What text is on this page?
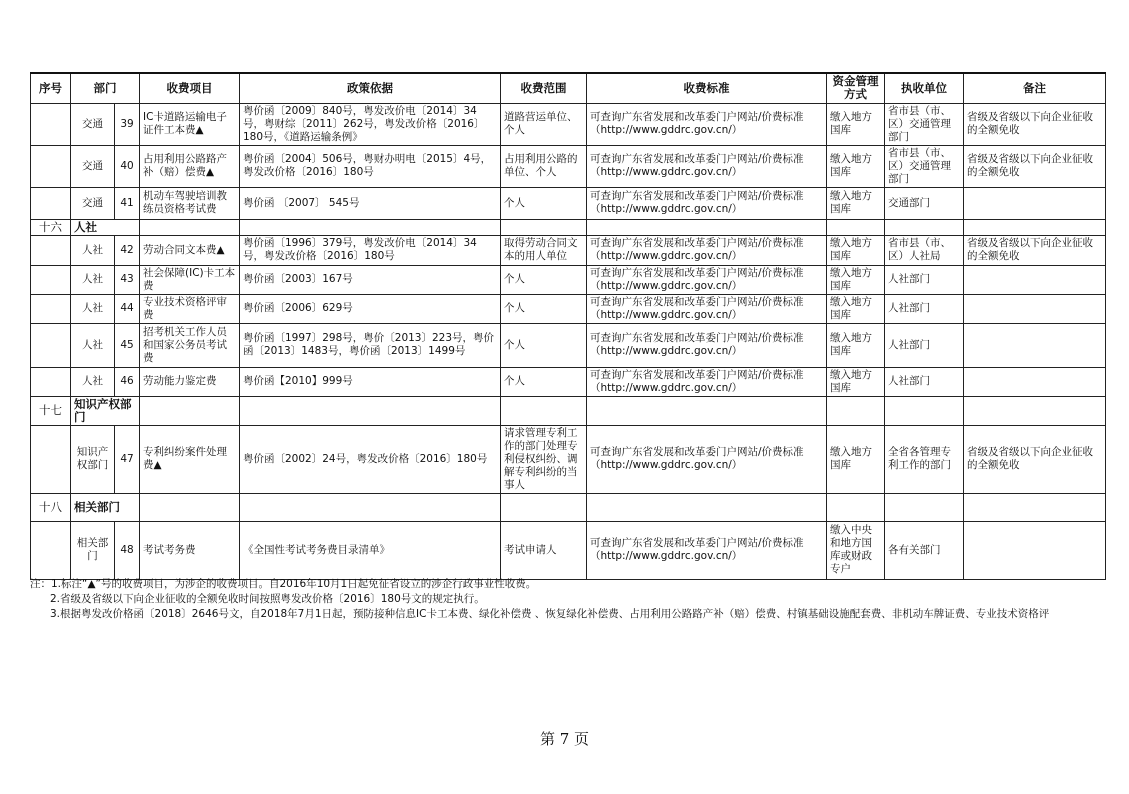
序号	部门		收费项目	政策依据	收费范围	收费标准	资金管理方式	执收单位	备注
	交通	39	IC卡道路运输电子证件工本费▲	粤价函〔2009〕840号，粤发改价电〔2014〕34号，粤财综〔2011〕262号，粤发改价格〔2016〕180号，《道路运输条例》	道路营运单位、个人	可查询广东省发展和改革委门户网站/价费标准（http://www.gddrc.gov.cn/）	缴入地方国库	省市县（市、区）交通管理部门	省级及省级以下向企业征收的全额免收
	交通	40	占用利用公路路产补（赔）偿费▲	粤价函〔2004〕506号，粤财办明电〔2015〕4号，粤发改价格〔2016〕180号	占用利用公路的单位、个人	可查询广东省发展和改革委门户网站/价费标准（http://www.gddrc.gov.cn/）	缴入地方国库	省市县（市、区）交通管理部门	省级及省级以下向企业征收的全额免收
	交通	41	机动车驾驶培训教练员资格考试费	粤价函 〔2007〕 545号	个人	可查询广东省发展和改革委门户网站/价费标准（http://www.gddrc.gov.cn/）	缴入地方国库	交通部门	
十六	人社								
	人社	42	劳动合同文本费▲	粤价函〔1996〕379号，粤发改价电〔2014〕34号，粤发改价格〔2016〕180号	取得劳动合同文本的用人单位	可查询广东省发展和改革委门户网站/价费标准（http://www.gddrc.gov.cn/）	缴入地方国库	省市县（市、区）人社局	省级及省级以下向企业征收的全额免收
	人社	43	社会保障(IC)卡工本费	粤价函〔2003〕167号	个人	可查询广东省发展和改革委门户网站/价费标准（http://www.gddrc.gov.cn/）	缴入地方国库	人社部门	
	人社	44	专业技术资格评审费	粤价函〔2006〕629号	个人	可查询广东省发展和改革委门户网站/价费标准（http://www.gddrc.gov.cn/）	缴入地方国库	人社部门	
	人社	45	招考机关工作人员和国家公务员考试费	粤价函〔1997〕298号，粤价〔2013〕223号，粤价函〔2013〕1483号，粤价函〔2013〕1499号	个人	可查询广东省发展和改革委门户网站/价费标准（http://www.gddrc.gov.cn/）	缴入地方国库	人社部门	
	人社	46	劳动能力鉴定费	粤价函【2010】999号	个人	可查询广东省发展和改革委门户网站/价费标准（http://www.gddrc.gov.cn/）	缴入地方国库	人社部门	
十七	知识产权部门								
	知识产权部门	47	专利纠纷案件处理费▲	粤价函〔2002〕24号，粤发改价格〔2016〕180号	请求管理专利工作的部门处理专利侵权纠纷、调解专利纠纷的当事人	可查询广东省发展和改革委门户网站/价费标准（http://www.gddrc.gov.cn/）	缴入地方国库	全省各管理专利工作的部门	省级及省级以下向企业征收的全额免收
十八	相关部门								
	相关部门	48	考试考务费	《全国性考试考务费目录清单》	考试申请人	可查询广东省发展和改革委门户网站/价费标准（http://www.gddrc.gov.cn/）	缴入中央和地方国库或财政专户	各有关部门	
注：1.标注“▲”号的收费项目，为涉企的收费项目。自2016年10月1日起免征省设立的涉企行政事业性收费。
2.省级及省级以下向企业征收的全额免收时间按照粤发改价格〔2016〕180号文的规定执行。
3.根据粤发改价格函〔2018〕2646号文，自2018年7月1日起，预防接种信息IC卡工本费、绿化补偿费 、恢复绿化补偿费、占用利用公路路产补（赔）偿费、村镇基础设施配套费、非机动车牌证费、专业技术资格评
第 7 页
